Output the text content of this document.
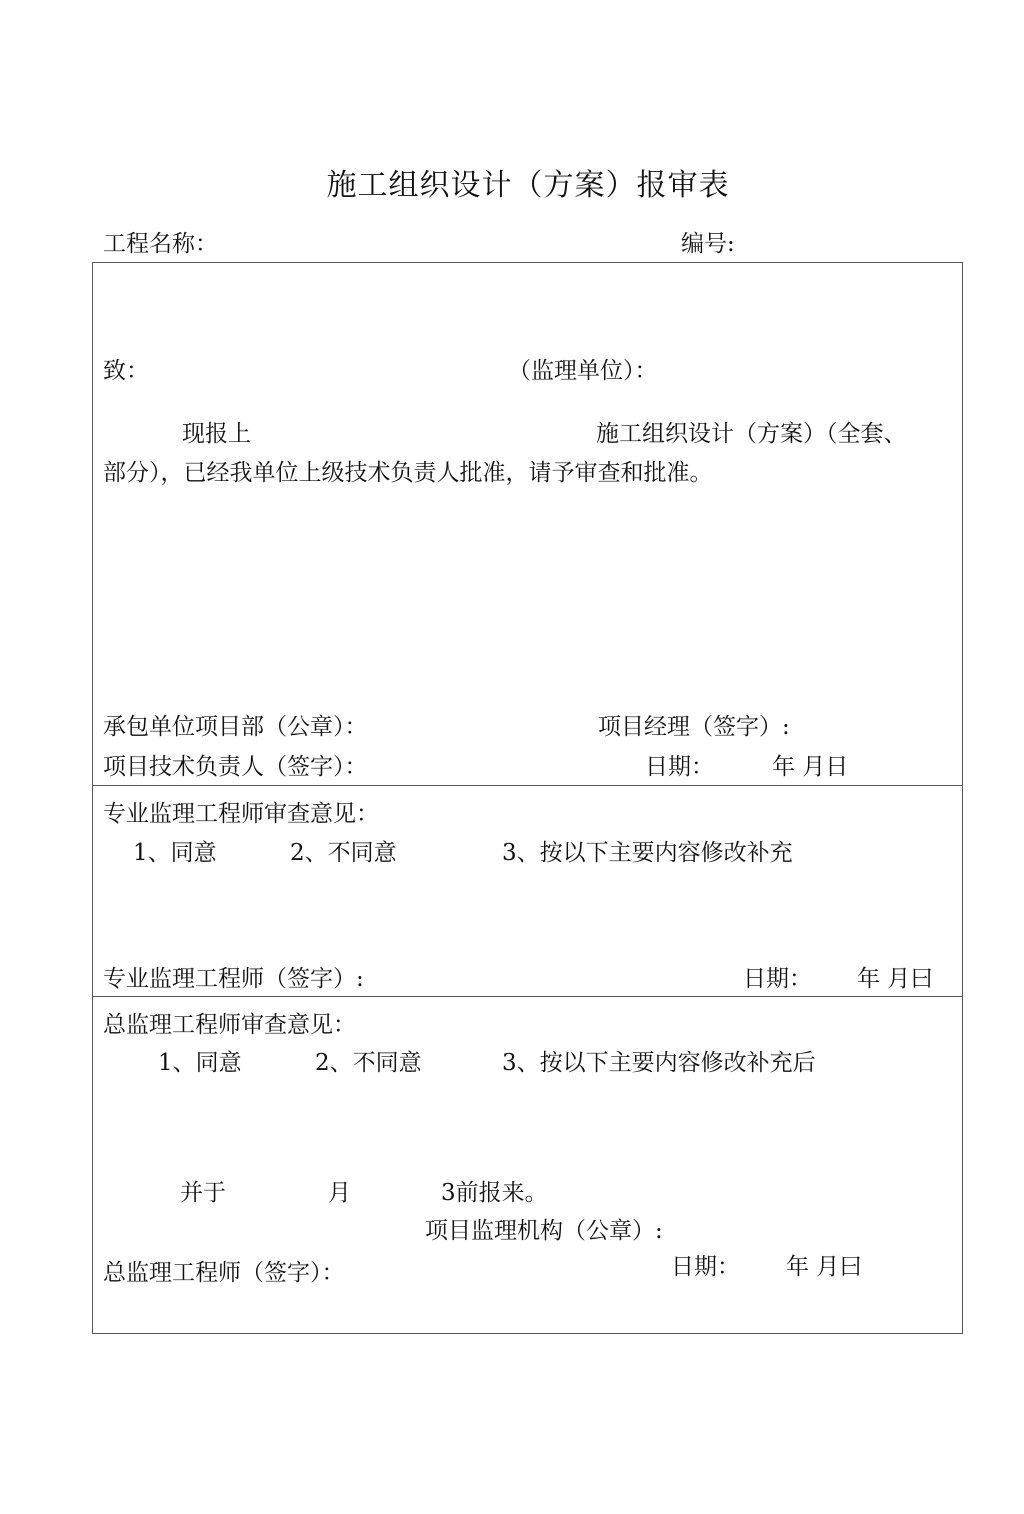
施工组织设计（方案）报审表
工程名称：	编号:
致：	（监理单位）：
现报上	施工组织设计（方案）（全套、
部分），已经我单位上级技术负责人批准，请予审查和批准。
承包单位项目部（公章）：	项目经理（签字）:
项目技术负责人（签字）：	日期：	年 月日
专业监理工程师审查意见：
1、同意	2、不同意	3、按以下主要内容修改补充
专业监理工程师（签字）:	日期： 年 月曰
总监理工程师审查意见：
1、同意	2、不同意	3、按以下主要内容修改补充后
并于	月	3前报来。
项目监理机构（公章）:
总监理工程师（签字）：	日期： 年 月曰
